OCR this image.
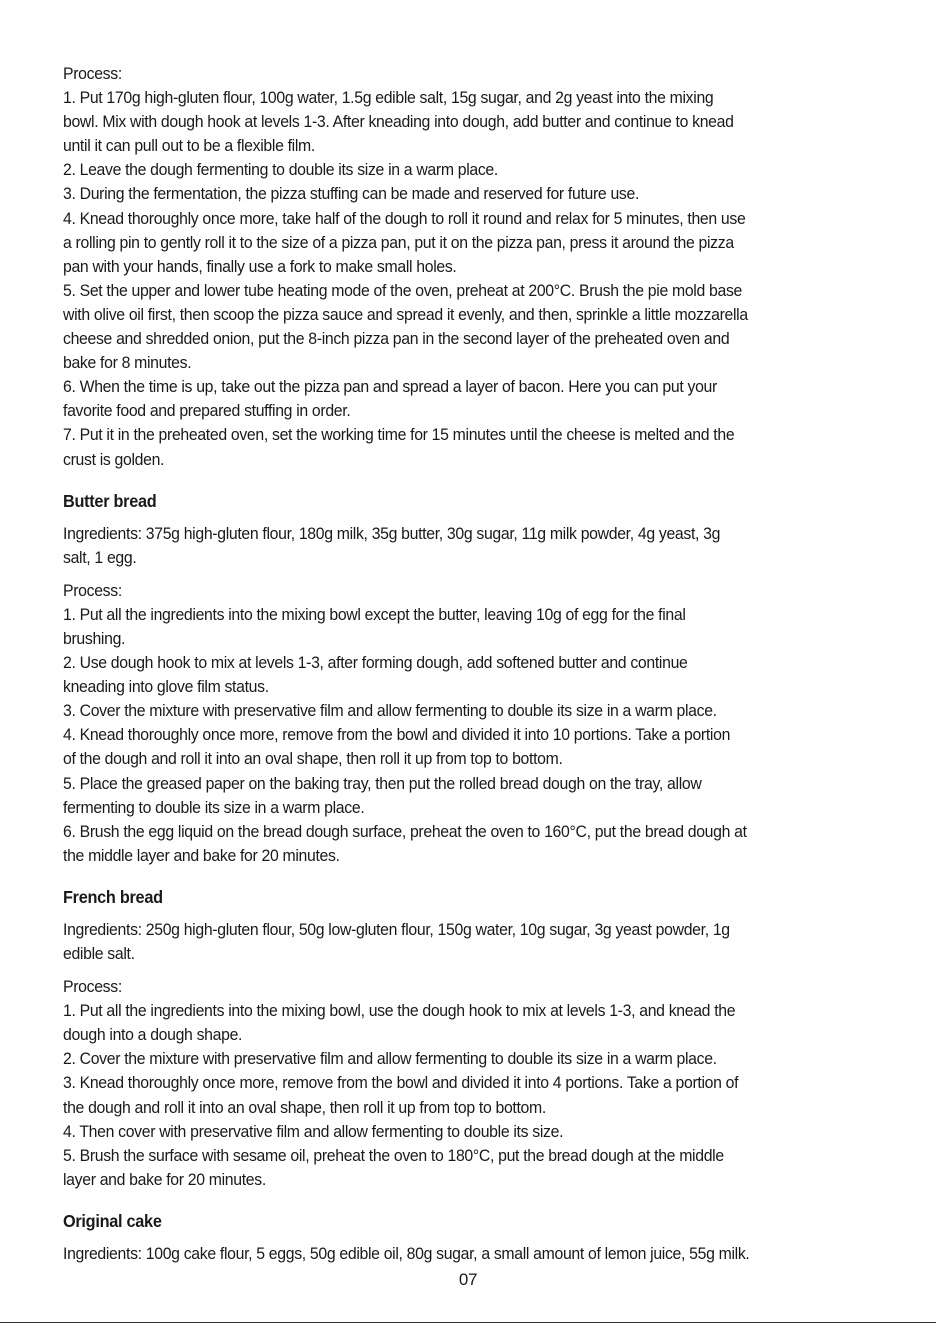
Process:
1. Put 170g high-gluten flour, 100g water, 1.5g edible salt, 15g sugar, and 2g yeast into the mixing
bowl. Mix with dough hook at levels 1-3. After kneading into dough, add butter and continue to knead
until it can pull out to be a flexible film.
2. Leave the dough fermenting to double its size in a warm place.
3. During the fermentation, the pizza stuffing can be made and reserved for future use.
4. Knead thoroughly once more, take half of the dough to roll it round and relax for 5 minutes, then use
a rolling pin to gently roll it to the size of a pizza pan, put it on the pizza pan, press it around the pizza
pan with your hands, finally use a fork to make small holes.
5. Set the upper and lower tube heating mode of the oven, preheat at 200°C. Brush the pie mold base
with olive oil first, then scoop the pizza sauce and spread it evenly, and then, sprinkle a little mozzarella
cheese and shredded onion, put the 8-inch pizza pan in the second layer of the preheated oven and
bake for 8 minutes.
6. When the time is up, take out the pizza pan and spread a layer of bacon. Here you can put your
favorite food and prepared stuffing in order.
7. Put it in the preheated oven, set the working time for 15 minutes until the cheese is melted and the
crust is golden.
Butter bread
Ingredients: 375g high-gluten flour, 180g milk, 35g butter, 30g sugar, 11g milk powder, 4g yeast, 3g
salt, 1 egg.
Process:
1. Put all the ingredients into the mixing bowl except the butter, leaving 10g of egg for the final
brushing.
2. Use dough hook to mix at levels 1-3, after forming dough, add softened butter and continue
kneading into glove film status.
3. Cover the mixture with preservative film and allow fermenting to double its size in a warm place.
4. Knead thoroughly once more, remove from the bowl and divided it into 10 portions. Take a portion
of the dough and roll it into an oval shape, then roll it up from top to bottom.
5. Place the greased paper on the baking tray, then put the rolled bread dough on the tray, allow
fermenting to double its size in a warm place.
6. Brush the egg liquid on the bread dough surface, preheat the oven to 160°C, put the bread dough at
the middle layer and bake for 20 minutes.
French bread
Ingredients: 250g high-gluten flour, 50g low-gluten flour, 150g water, 10g sugar, 3g yeast powder, 1g
edible salt.
Process:
1. Put all the ingredients into the mixing bowl, use the dough hook to mix at levels 1-3, and knead the
dough into a dough shape.
2. Cover the mixture with preservative film and allow fermenting to double its size in a warm place.
3. Knead thoroughly once more, remove from the bowl and divided it into 4 portions. Take a portion of
the dough and roll it into an oval shape, then roll it up from top to bottom.
4. Then cover with preservative film and allow fermenting to double its size.
5. Brush the surface with sesame oil, preheat the oven to 180°C, put the bread dough at the middle
layer and bake for 20 minutes.
Original cake
Ingredients: 100g cake flour, 5 eggs, 50g edible oil, 80g sugar, a small amount of lemon juice, 55g milk.
07
